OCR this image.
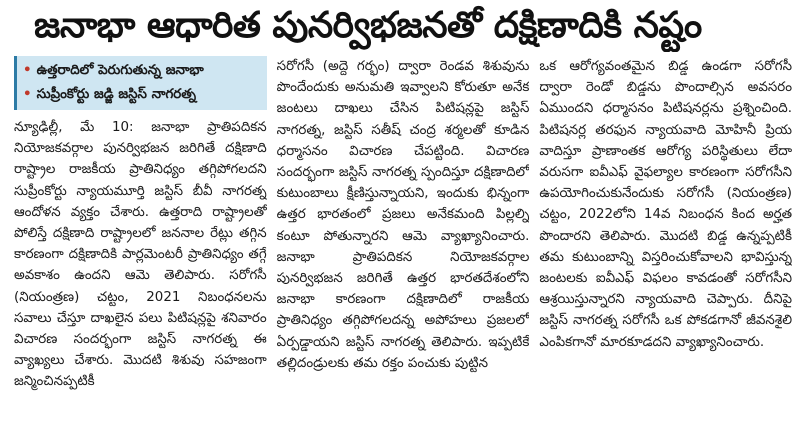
జనాభా ఆధారిత పునర్విభజనతో దక్షిణాదికి నష్టం
• ఉత్తరాదిలో పెరుగుతున్న జనాభా
• సుప్రీంకోర్టు జడ్జి జస్టిస్ నాగరత్న

న్యూఢిల్లీ, మే 10: జనాభా ప్రాతిపదికన నియోజకవర్గాల పునర్విభజన జరిగితే దక్షిణాది రాష్ట్రాల రాజకీయ ప్రాతినిధ్యం తగ్గిపోగలదని సుప్రీంకోర్టు న్యాయమూర్తి జస్టిస్ బీవీ నాగరత్న ఆందోళన వ్యక్తం చేశారు. ఉత్తరాది రాష్ట్రాలతో పోలిస్తే దక్షిణాది రాష్ట్రాలలో జననాల రేట్లు తగ్గిన కారణంగా దక్షిణాదికి పార్లమెంటరీ ప్రాతినిధ్యం తగ్గే అవకాశం ఉందని ఆమె తెలిపారు. సరోగసీ (నియంత్రణ) చట్టం, 2021 నిబంధనలను సవాలు చేస్తూ దాఖలైన పలు పిటిషన్లపై శనివారం విచారణ సందర్భంగా జస్టిస్ నాగరత్న ఈ వ్యాఖ్యలు చేశారు. మొదటి శిశువు సహజంగా జన్మించినప్పటికీ

సరోగసీ (అద్దె గర్భం) ద్వారా రెండవ శిశువును పొందేందుకు అనుమతి ఇవ్వాలని కోరుతూ అనేక జంటలు దాఖలు చేసిన పిటిషన్లపై జస్టిస్ నాగరత్న, జస్టిస్ సతీష్ చంద్ర శర్మలతో కూడిన ధర్మాసనం విచారణ చేపట్టింది. విచారణ సందర్భంగా జస్టిస్ నాగరత్న స్పందిస్తూ దక్షిణాదిలో కుటుంబాలు క్షీణిస్తున్నాయని, ఇందుకు భిన్నంగా ఉత్తర భారతంలో ప్రజలు అనేకమంది పిల్లల్ని కంటూ పోతున్నారని ఆమె వ్యాఖ్యానించారు. జనాభా ప్రాతిపదికన నియోజకవర్గాల పునర్విభజన జరిగితే ఉత్తర భారతదేశంలోని జనాభా కారణంగా దక్షిణాదిలో రాజకీయ ప్రాతినిధ్యం తగ్గిపోగలదన్న అపోహలు ప్రజలలో ఏర్పడ్డాయని జస్టిస్ నాగరత్న తెలిపారు. ఇప్పటికే తల్లిదండ్రులకు తమ రక్తం పంచుకు పుట్టిన

ఒక ఆరోగ్యవంతమైన బిడ్డ ఉండగా సరోగసీ ద్వారా రెండో బిడ్డను పొందాల్సిన అవసరం ఏముందని ధర్మాసనం పిటిషనర్లను ప్రశ్నించింది. పిటిషనర్ల తరఫున న్యాయవాది మోహినీ ప్రియ వాదిస్తూ ప్రాణాంతక ఆరోగ్య పరిస్థితులు లేదా వరుసగా ఐవీఎఫ్ వైఫల్యాల కారణంగా సరోగసీని ఉపయోగించుకునేందుకు సరోగసీ (నియంత్రణ) చట్టం, 2022లోని 14వ నిబంధన కింద అర్హత పొందారని తెలిపారు. మొదటి బిడ్డ ఉన్నప్పటికీ తమ కుటుంబాన్ని విస్తరించుకోవాలని భావిస్తున్న జంటలకు ఐవీఎఫ్ విఫలం కావడంతో సరోగసీని ఆశ్రయిస్తున్నారని న్యాయవాది చెప్పారు. దీనిపై జస్టిస్ నాగరత్న సరోగసీ ఒక పోకడగానో జీవనశైలి ఎంపికగానో మారకూడదని వ్యాఖ్యానించారు.
